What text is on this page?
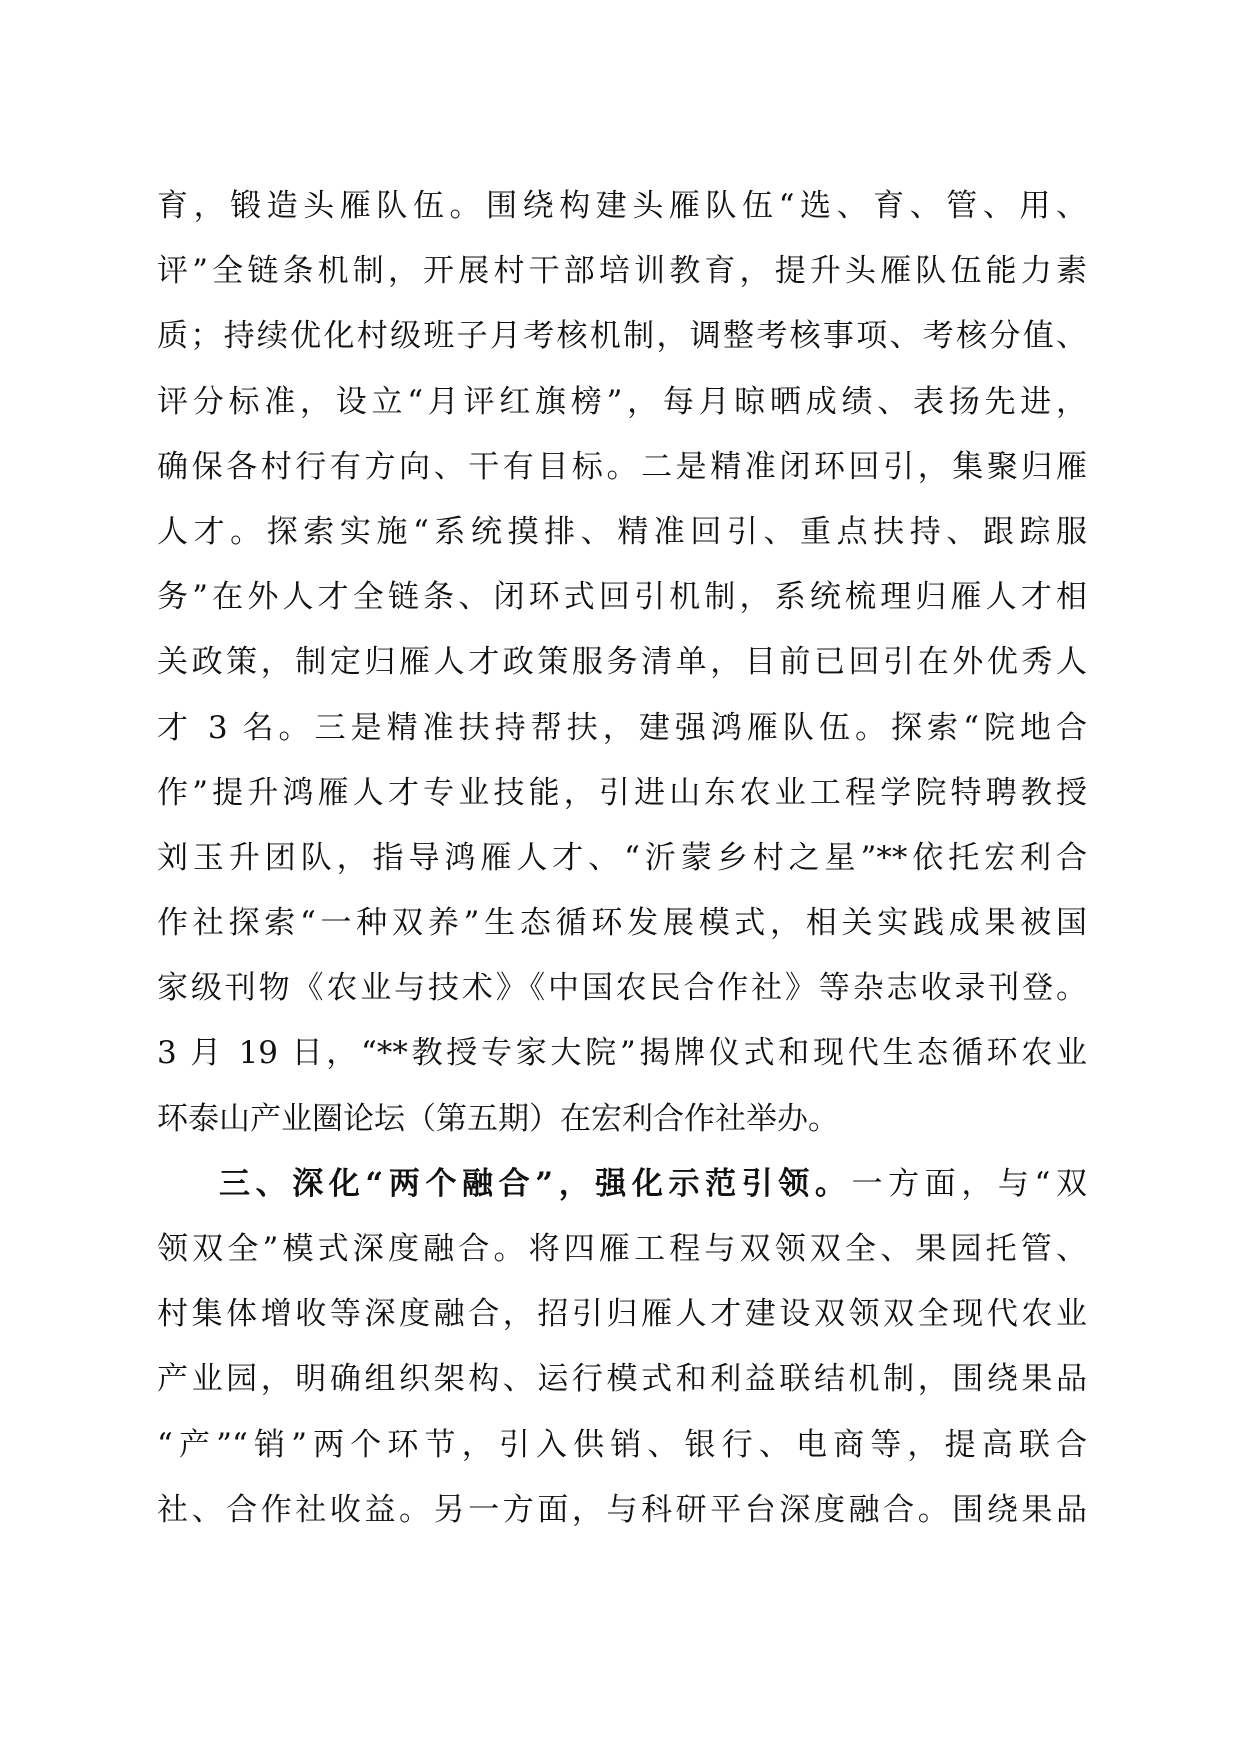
育，锻造头雁队伍。围绕构建头雁队伍“选、育、管、用、
评”全链条机制，开展村干部培训教育，提升头雁队伍能力素
质；持续优化村级班子月考核机制，调整考核事项、考核分值、
评分标准，设立“月评红旗榜”，每月晾晒成绩、表扬先进，
确保各村行有方向、干有目标。二是精准闭环回引，集聚归雁
人才。探索实施“系统摸排、精准回引、重点扶持、跟踪服
务”在外人才全链条、闭环式回引机制，系统梳理归雁人才相
关政策，制定归雁人才政策服务清单，目前已回引在外优秀人
才 3 名。三是精准扶持帮扶，建强鸿雁队伍。探索“院地合
作”提升鸿雁人才专业技能，引进山东农业工程学院特聘教授
刘玉升团队，指导鸿雁人才、“沂蒙乡村之星”**依托宏利合
作社探索“一种双养”生态循环发展模式，相关实践成果被国
家级刊物《农业与技术》《中国农民合作社》等杂志收录刊登。
3 月 19 日，“**教授专家大院”揭牌仪式和现代生态循环农业
环泰山产业圈论坛（第五期）在宏利合作社举办。
三、深化“两个融合”，强化示范引领。一方面，与“双
领双全”模式深度融合。将四雁工程与双领双全、果园托管、
村集体增收等深度融合，招引归雁人才建设双领双全现代农业
产业园，明确组织架构、运行模式和利益联结机制，围绕果品
“产”“销”两个环节，引入供销、银行、电商等，提高联合
社、合作社收益。另一方面，与科研平台深度融合。围绕果品
